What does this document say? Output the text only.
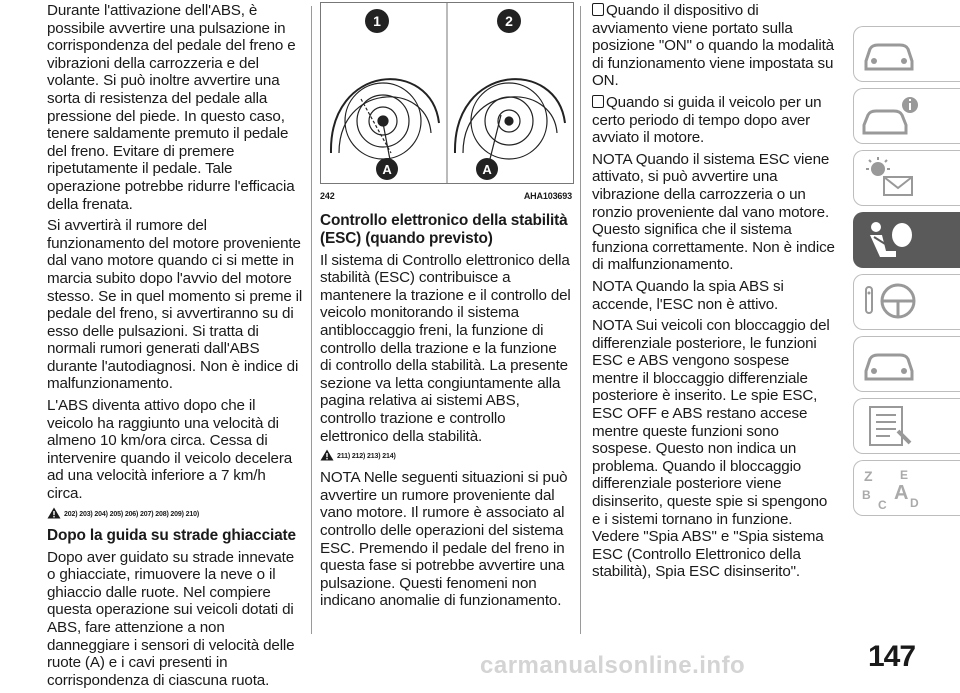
Durante l'attivazione dell'ABS, è possibile avvertire una pulsazione in corrispondenza del pedale del freno e vibrazioni della carrozzeria e del volante. Si può inoltre avvertire una sorta di resistenza del pedale alla pressione del piede. In questo caso, tenere saldamente premuto il pedale del freno. Evitare di premere ripetutamente il pedale. Tale operazione potrebbe ridurre l'efficacia della frenata.

Si avvertirà il rumore del funzionamento del motore proveniente dal vano motore quando ci si mette in marcia subito dopo l'avvio del motore stesso. Se in quel momento si preme il pedale del freno, si avvertiranno su di esso delle pulsazioni. Si tratta di normali rumori generati dall'ABS durante l'autodiagnosi. Non è indice di malfunzionamento.

L'ABS diventa attivo dopo che il veicolo ha raggiunto una velocità di almeno 10 km/ora circa. Cessa di intervenire quando il veicolo decelera ad una velocità inferiore a 7 km/h circa.

202) 203) 204) 205) 206) 207) 208) 209) 210)
Dopo la guida su strade ghiacciate

Dopo aver guidato su strade innevate o ghiacciate, rimuovere la neve o il ghiaccio dalle ruote. Nel compiere questa operazione sui veicoli dotati di ABS, fare attenzione a non danneggiare i sensori di velocità delle ruote (A) e i cavi presenti in corrispondenza di ciascuna ruota.

1	2
A	A
242	AHA103693
Controllo elettronico della stabilità (ESC) (quando previsto)

Il sistema di Controllo elettronico della stabilità (ESC) contribuisce a mantenere la trazione e il controllo del veicolo monitorando il sistema antibloccaggio freni, la funzione di controllo della trazione e la funzione di controllo della stabilità. La presente sezione va letta congiuntamente alla pagina relativa ai sistemi ABS, controllo trazione e controllo elettronico della stabilità.

211) 212) 213) 214)

NOTA Nelle seguenti situazioni si può avvertire un rumore proveniente dal vano motore. Il rumore è associato al controllo delle operazioni del sistema ESC. Premendo il pedale del freno in questa fase si potrebbe avvertire una pulsazione. Questi fenomeni non indicano anomalie di funzionamento.

Quando il dispositivo di avviamento viene portato sulla posizione "ON" o quando la modalità di funzionamento viene impostata su ON.

Quando si guida il veicolo per un certo periodo di tempo dopo aver avviato il motore.

NOTA Quando il sistema ESC viene attivato, si può avvertire una vibrazione della carrozzeria o un ronzio proveniente dal vano motore. Questo significa che il sistema funziona correttamente. Non è indice di malfunzionamento.

NOTA Quando la spia ABS si accende, l'ESC non è attivo.

NOTA Sui veicoli con bloccaggio del differenziale posteriore, le funzioni ESC e ABS vengono sospese mentre il bloccaggio differenziale posteriore è inserito. Le spie ESC, ESC OFF e ABS restano accese mentre queste funzioni sono sospese. Questo non indica un problema. Quando il bloccaggio differenziale posteriore viene disinserito, queste spie si spengono e i sistemi tornano in funzione. Vedere "Spia ABS" e "Spia sistema ESC (Controllo Elettronico della stabilità), Spia ESC disinserito".

Z E
B A
C D
147
carmanualsonline.info
